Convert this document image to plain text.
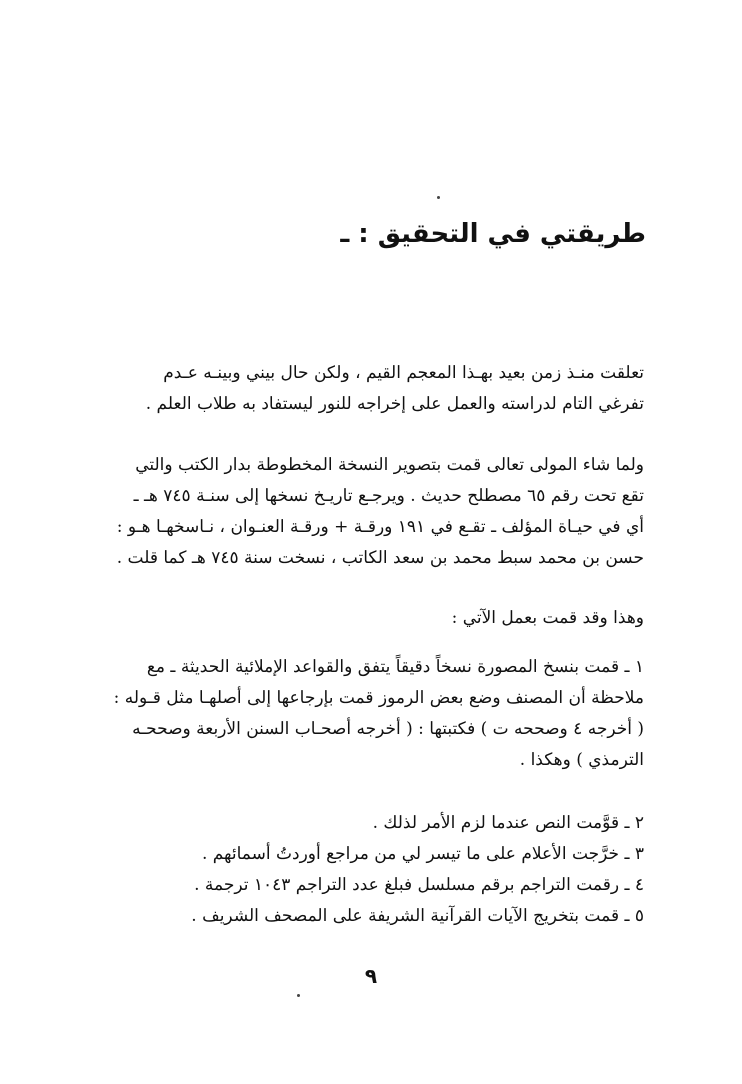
طريقتي في التحقيق : ـ
تعلقت منـذ زمن بعيد بهـذا المعجم القيم ، ولكن حال بيني وبينـه عـدم
تفرغي التام لدراسته والعمل على إخراجه للنور ليستفاد به طلاب العلم .
ولما شاء المولى تعالى قمت بتصوير النسخة المخطوطة بدار الكتب والتي
تقع تحت رقم ٦٥ مصطلح حديث . ويرجـع تاريـخ نسخها إلى سنـة ٧٤٥ هـ ـ
أي في حيـاة المؤلف ـ تقـع في ١٩١ ورقـة + ورقـة العنـوان ، نـاسخهـا هـو :
حسن بن محمد سبط محمد بن سعد الكاتب ، نسخت سنة ٧٤٥ هـ كما قلت .
وهذا وقد قمت بعمل الآتي :
١ ـ قمت بنسخ المصورة نسخاً دقيقاً يتفق والقواعد الإملائية الحديثة ـ مع
ملاحظة أن المصنف وضع بعض الرموز قمت بإرجاعها إلى أصلهـا مثل قـوله :
( أخرجه ٤ وصححه ت ) فكتبتها : ( أخرجه أصحـاب السنن الأربعة وصححـه
الترمذي ) وهكذا .
٢ ـ قوَّمت النص عندما لزم الأمر لذلك .
٣ ـ خرَّجت الأعلام على ما تيسر لي من مراجع أوردتُ أسمائهم .
٤ ـ رقمت التراجم برقم مسلسل فبلغ عدد التراجم ١٠٤٣ ترجمة .
٥ ـ قمت بتخريج الآيات القرآنية الشريفة على المصحف الشريف .
٩
